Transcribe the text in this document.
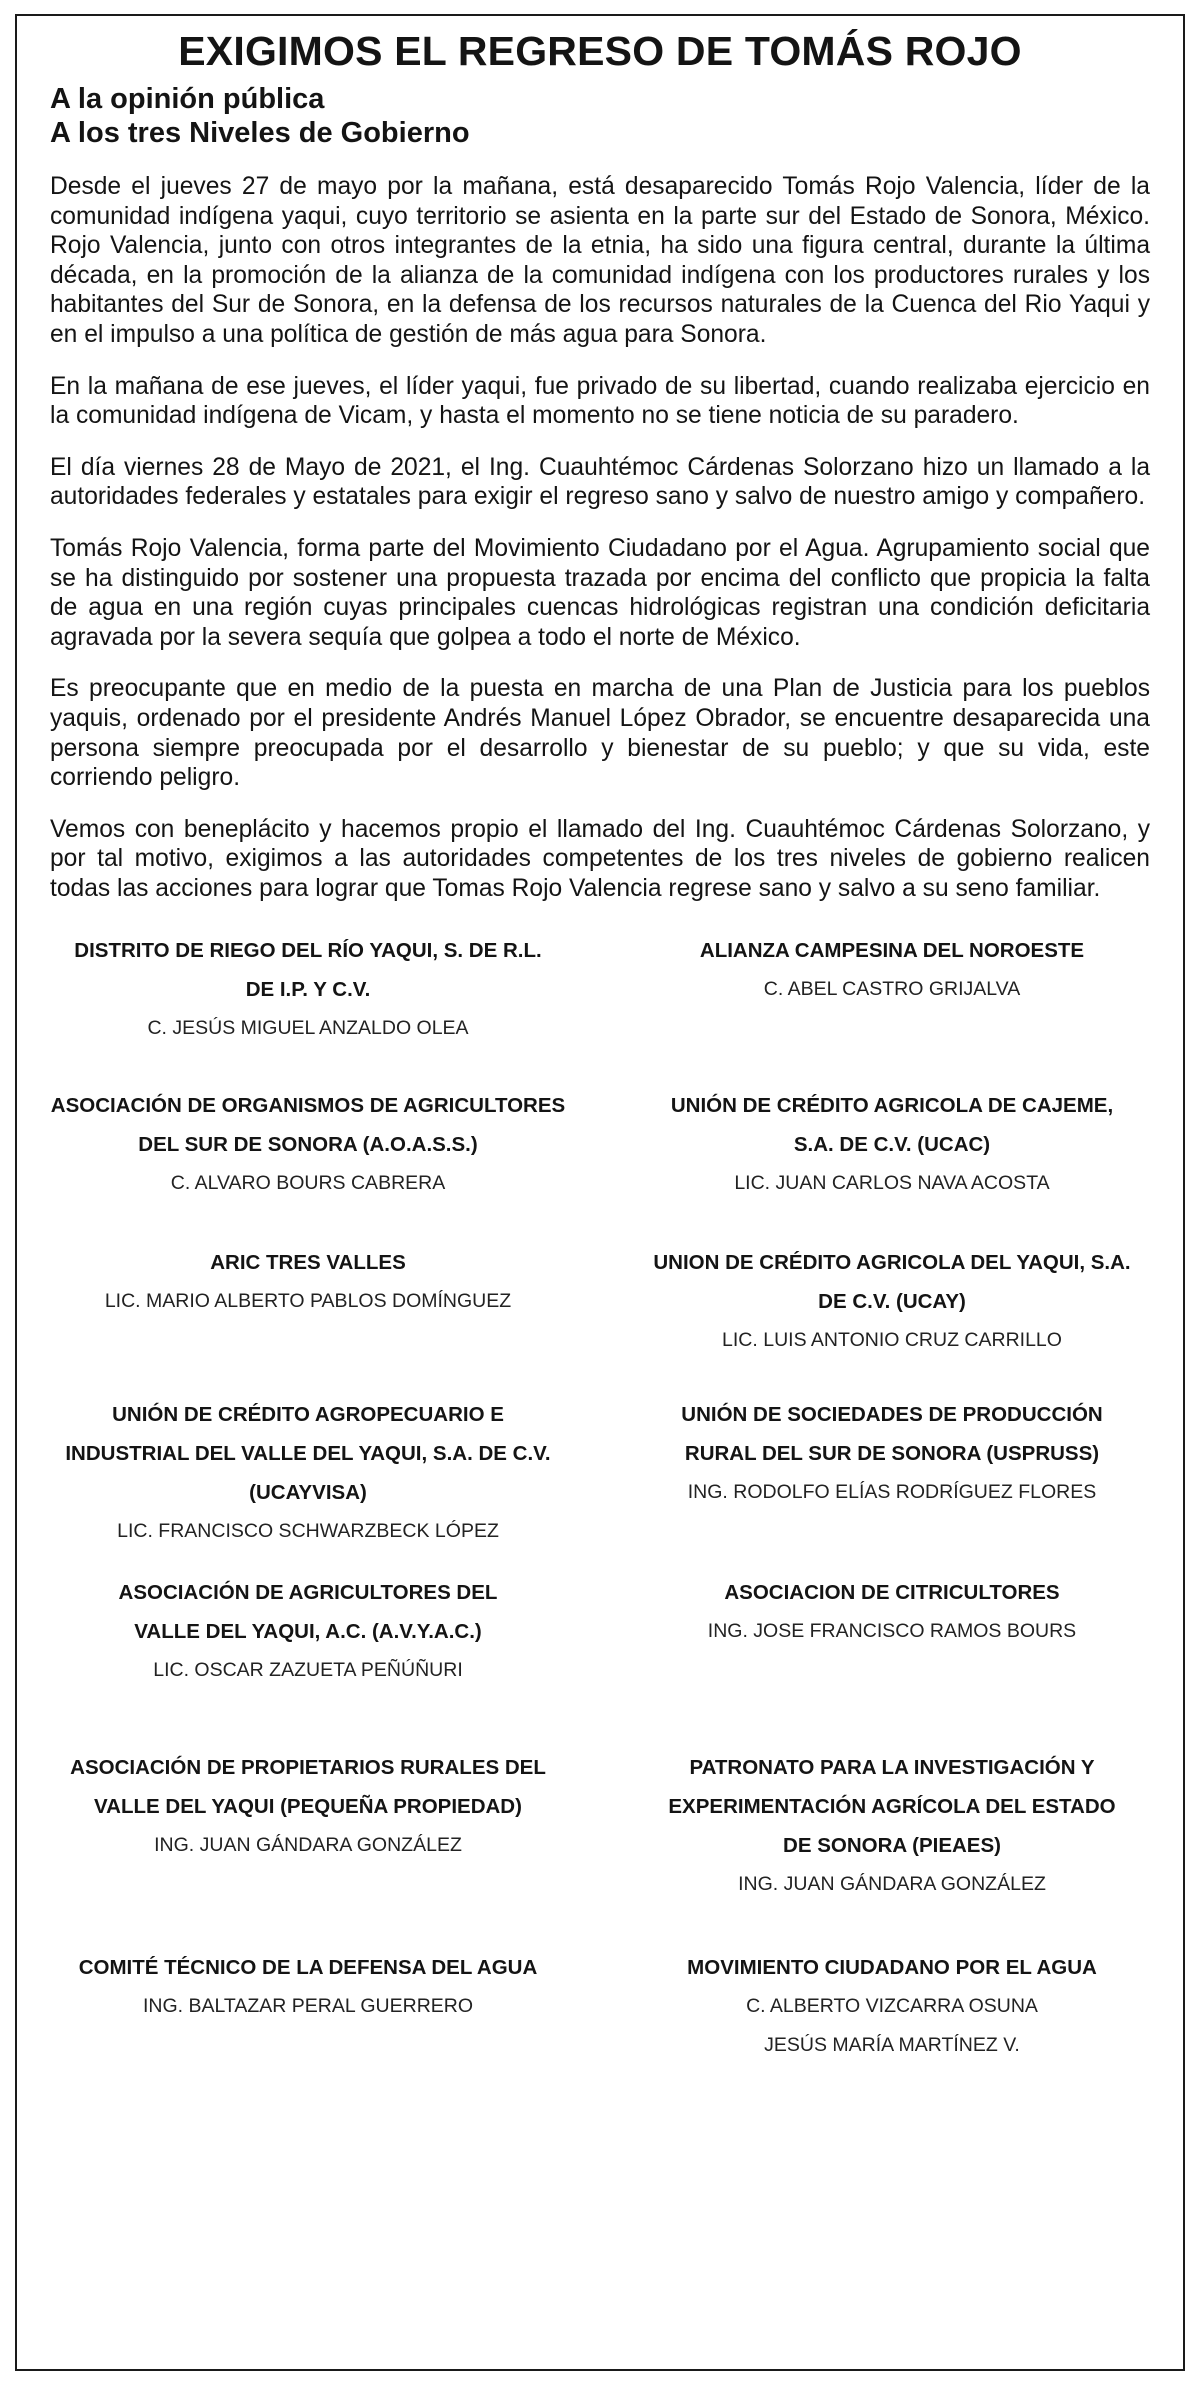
EXIGIMOS EL REGRESO DE TOMÁS ROJO
A la opinión pública
A los tres Niveles de Gobierno

Desde el jueves 27 de mayo por la mañana, está desaparecido Tomás Rojo Valencia, líder de la comunidad indígena yaqui, cuyo territorio se asienta en la parte sur del Estado de Sonora, México. Rojo Valencia, junto con otros integrantes de la etnia, ha sido una figura central, durante la última década, en la promoción de la alianza de la comunidad indígena con los productores rurales y los habitantes del Sur de Sonora, en la defensa de los recursos naturales de la Cuenca del Rio Yaqui y en el impulso a una política de gestión de más agua para Sonora.

En la mañana de ese jueves, el líder yaqui, fue privado de su libertad, cuando realizaba ejercicio en la comunidad indígena de Vicam, y hasta el momento no se tiene noticia de su paradero.

El día viernes 28 de Mayo de 2021, el Ing. Cuauhtémoc Cárdenas Solorzano hizo un llamado a la autoridades federales y estatales para exigir el regreso sano y salvo de nuestro amigo y compañero.

Tomás Rojo Valencia, forma parte del Movimiento Ciudadano por el Agua. Agrupamiento social que se ha distinguido por sostener una propuesta trazada por encima del conflicto que propicia la falta de agua en una región cuyas principales cuencas hidrológicas registran una condición deficitaria agravada por la severa sequía que golpea a todo el norte de México.

Es preocupante que en medio de la puesta en marcha de una Plan de Justicia para los pueblos yaquis, ordenado por el presidente Andrés Manuel López Obrador, se encuentre desaparecida una persona siempre preocupada por el desarrollo y bienestar de su pueblo; y que su vida, este corriendo peligro.

Vemos con beneplácito y hacemos propio el llamado del Ing. Cuauhtémoc Cárdenas Solorzano, y por tal motivo, exigimos a las autoridades competentes de los tres niveles de gobierno realicen todas las acciones para lograr que Tomas Rojo Valencia regrese sano y salvo a su seno familiar.

DISTRITO DE RIEGO DEL RÍO YAQUI, S. DE R.L.
DE I.P. Y C.V.
C. JESÚS MIGUEL ANZALDO OLEA
ALIANZA CAMPESINA DEL NOROESTE
C. ABEL CASTRO GRIJALVA
ASOCIACIÓN DE ORGANISMOS DE AGRICULTORES
DEL SUR DE SONORA (A.O.A.S.S.)
C. ALVARO BOURS CABRERA
UNIÓN DE CRÉDITO AGRICOLA DE CAJEME,
S.A. DE C.V. (UCAC)
LIC. JUAN CARLOS NAVA ACOSTA
ARIC TRES VALLES
LIC. MARIO ALBERTO PABLOS DOMÍNGUEZ
UNION DE CRÉDITO AGRICOLA DEL YAQUI, S.A.
DE C.V. (UCAY)
LIC. LUIS ANTONIO CRUZ CARRILLO
UNIÓN DE CRÉDITO AGROPECUARIO E
INDUSTRIAL DEL VALLE DEL YAQUI, S.A. DE C.V.
(UCAYVISA)
LIC. FRANCISCO SCHWARZBECK LÓPEZ
UNIÓN DE SOCIEDADES DE PRODUCCIÓN
RURAL DEL SUR DE SONORA (USPRUSS)
ING. RODOLFO ELÍAS RODRÍGUEZ FLORES
ASOCIACIÓN DE AGRICULTORES DEL
VALLE DEL YAQUI, A.C. (A.V.Y.A.C.)
LIC. OSCAR ZAZUETA PEÑÚÑURI
ASOCIACION DE CITRICULTORES
ING. JOSE FRANCISCO RAMOS BOURS
ASOCIACIÓN DE PROPIETARIOS RURALES DEL
VALLE DEL YAQUI (PEQUEÑA PROPIEDAD)
ING. JUAN GÁNDARA GONZÁLEZ
PATRONATO PARA LA INVESTIGACIÓN Y
EXPERIMENTACIÓN AGRÍCOLA DEL ESTADO
DE SONORA (PIEAES)
ING. JUAN GÁNDARA GONZÁLEZ
COMITÉ TÉCNICO DE LA DEFENSA DEL AGUA
ING. BALTAZAR PERAL GUERRERO
MOVIMIENTO CIUDADANO POR EL AGUA
C. ALBERTO VIZCARRA OSUNA
JESÚS MARÍA MARTÍNEZ V.
